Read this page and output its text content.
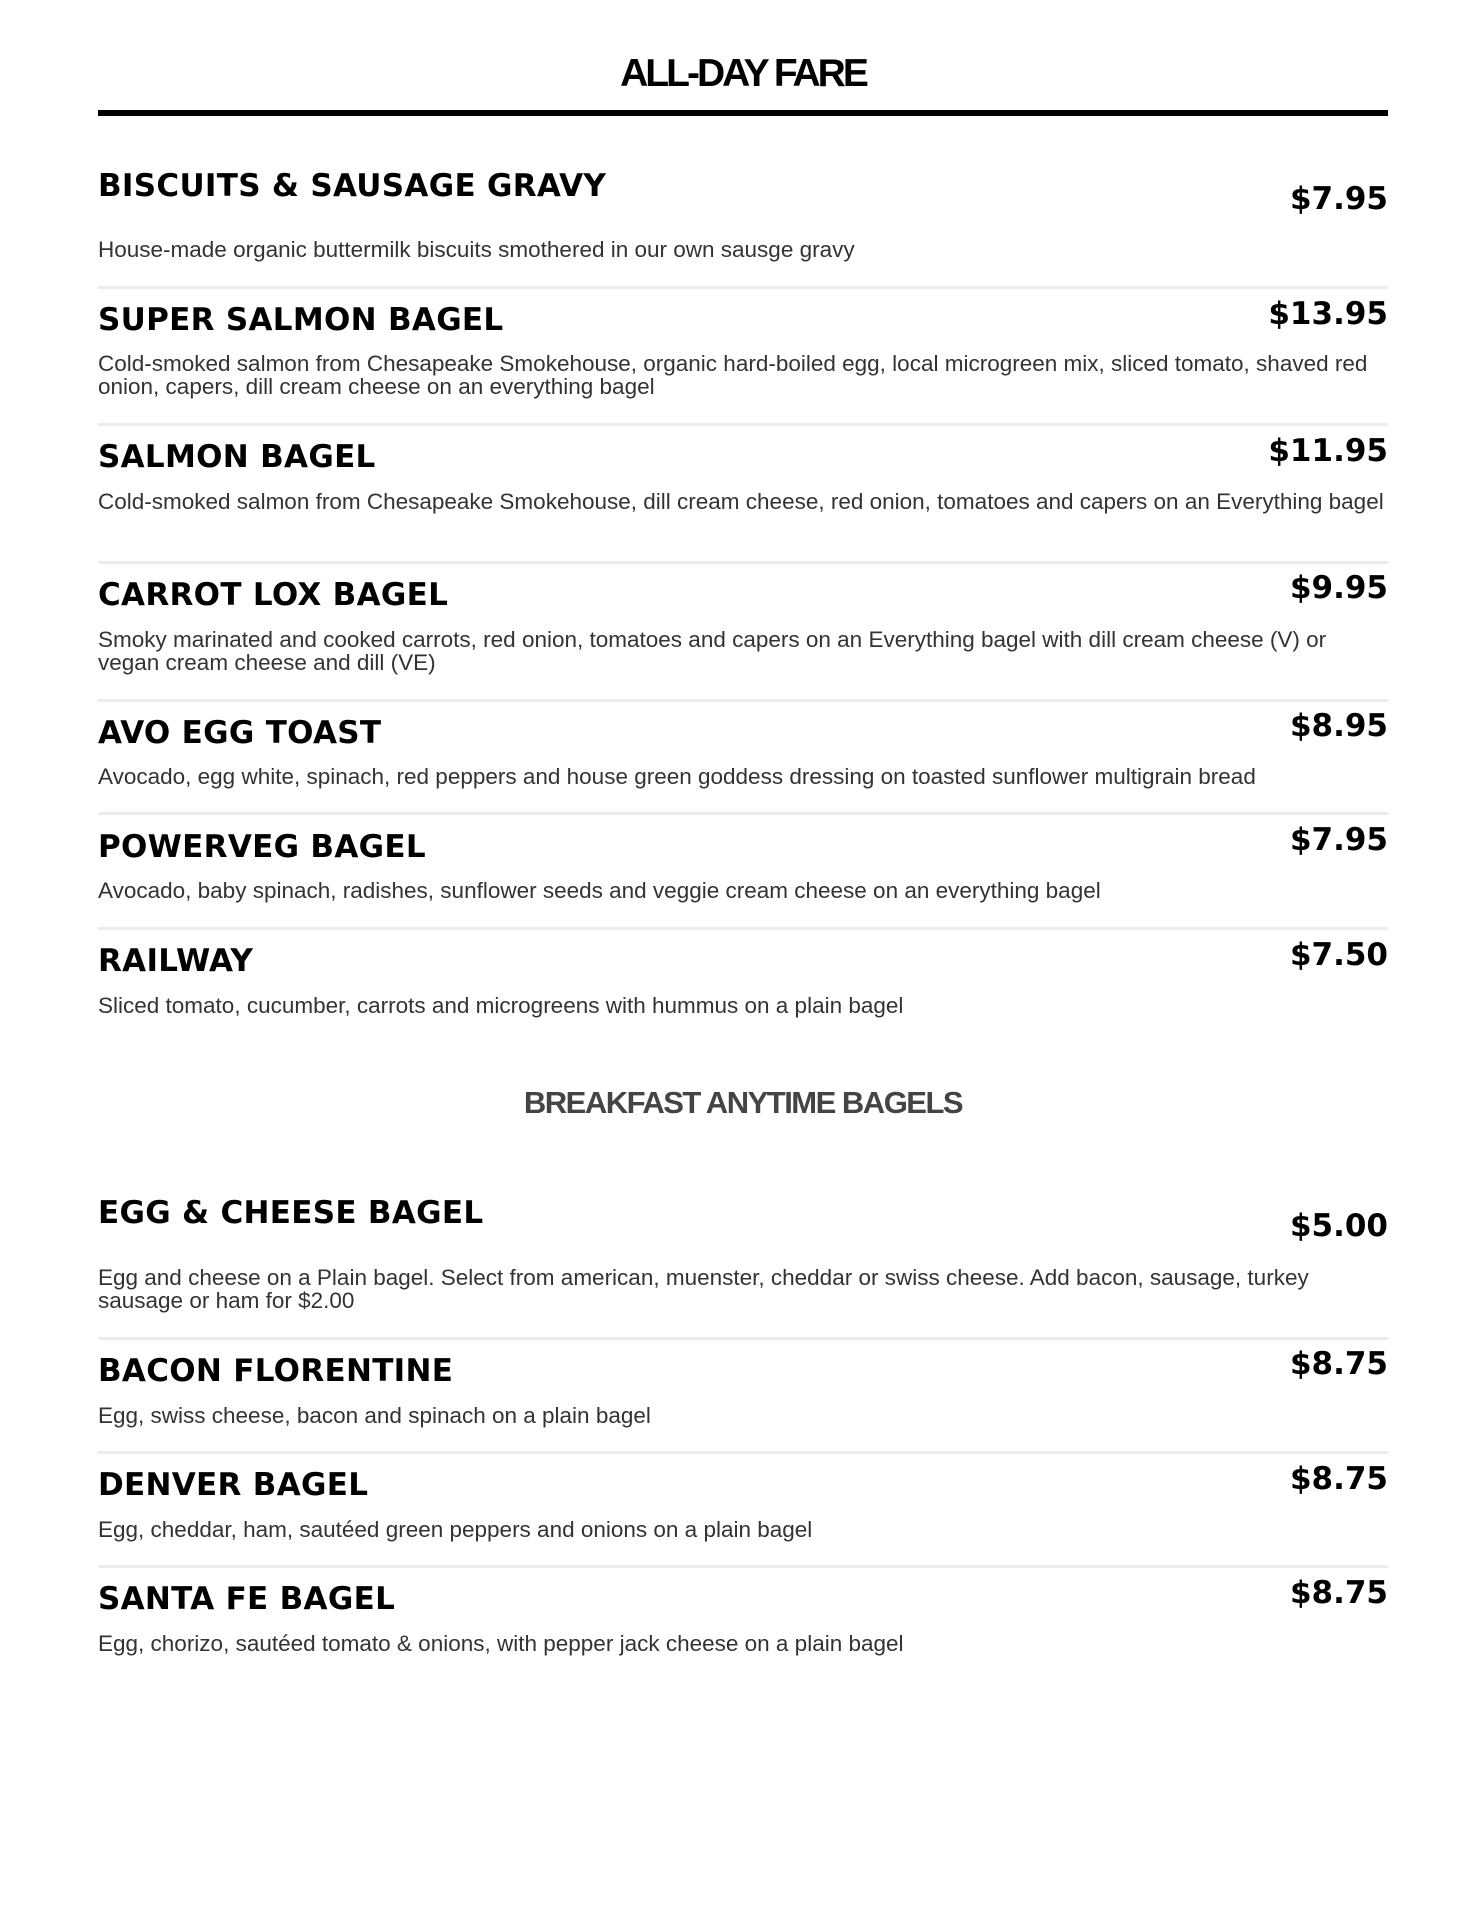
ALL-DAY FARE
BISCUITS & SAUSAGE GRAVY	$7.95
House-made organic buttermilk biscuits smothered in our own sausge gravy
SUPER SALMON BAGEL	$13.95
Cold-smoked salmon from Chesapeake Smokehouse, organic hard-boiled egg, local microgreen mix, sliced tomato, shaved red onion, capers, dill cream cheese on an everything bagel
SALMON BAGEL	$11.95
Cold-smoked salmon from Chesapeake Smokehouse, dill cream cheese, red onion, tomatoes and capers on an Everything bagel
CARROT LOX BAGEL	$9.95
Smoky marinated and cooked carrots, red onion, tomatoes and capers on an Everything bagel with dill cream cheese (V) or vegan cream cheese and dill (VE)
AVO EGG TOAST	$8.95
Avocado, egg white, spinach, red peppers and house green goddess dressing on toasted sunflower multigrain bread
POWERVEG BAGEL	$7.95
Avocado, baby spinach, radishes, sunflower seeds and veggie cream cheese on an everything bagel
RAILWAY	$7.50
Sliced tomato, cucumber, carrots and microgreens with hummus on a plain bagel
BREAKFAST ANYTIME BAGELS
EGG & CHEESE BAGEL	$5.00
Egg and cheese on a Plain bagel. Select from american, muenster, cheddar or swiss cheese. Add bacon, sausage, turkey sausage or ham for $2.00
BACON FLORENTINE	$8.75
Egg, swiss cheese, bacon and spinach on a plain bagel
DENVER BAGEL	$8.75
Egg, cheddar, ham, sautéed green peppers and onions on a plain bagel
SANTA FE BAGEL	$8.75
Egg, chorizo, sautéed tomato & onions, with pepper jack cheese on a plain bagel
